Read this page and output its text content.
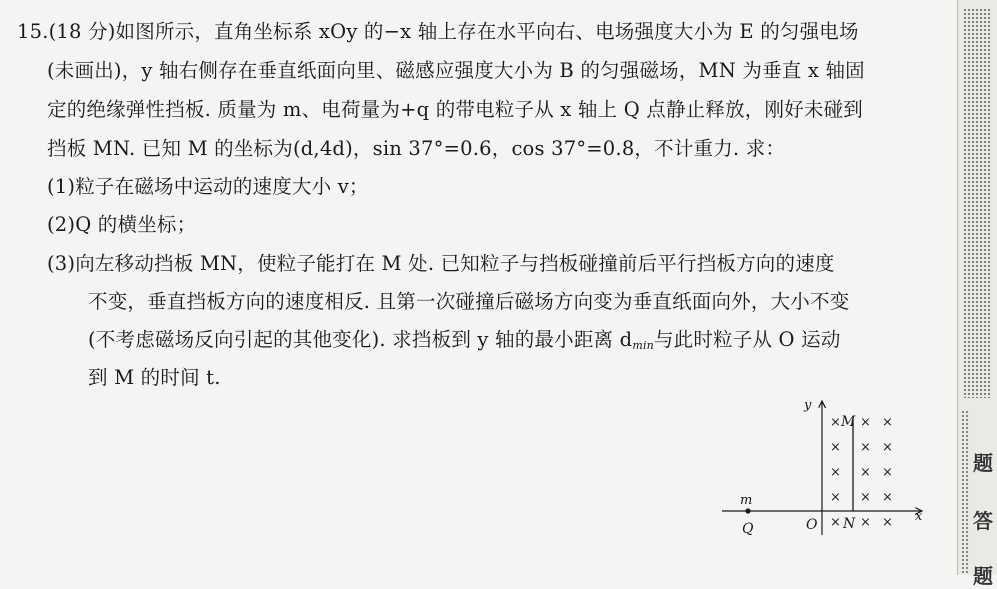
15.(18 分)如图所示，直角坐标系 xOy 的−x 轴上存在水平向右、电场强度大小为 E 的匀强电场
(未画出)，y 轴右侧存在垂直纸面向里、磁感应强度大小为 B 的匀强磁场，MN 为垂直 x 轴固
定的绝缘弹性挡板. 质量为 m、电荷量为+q 的带电粒子从 x 轴上 Q 点静止释放，刚好未碰到
挡板 MN. 已知 M 的坐标为(d,4d)，sin 37°=0.6，cos 37°=0.8，不计重力. 求：
(1)粒子在磁场中运动的速度大小 v；
(2)Q 的横坐标；
(3)向左移动挡板 MN，使粒子能打在 M 处. 已知粒子与挡板碰撞前后平行挡板方向的速度
不变，垂直挡板方向的速度相反. 且第一次碰撞后磁场方向变为垂直纸面向外，大小不变
(不考虑磁场反向引起的其他变化). 求挡板到 y 轴的最小距离 $d_{min}$与此时粒子从 O 运动
到 M 的时间 t.
y
x
O
Q
m
M
N
× × ×
× × ×
× × ×
× × ×
× × ×
题
答
题
